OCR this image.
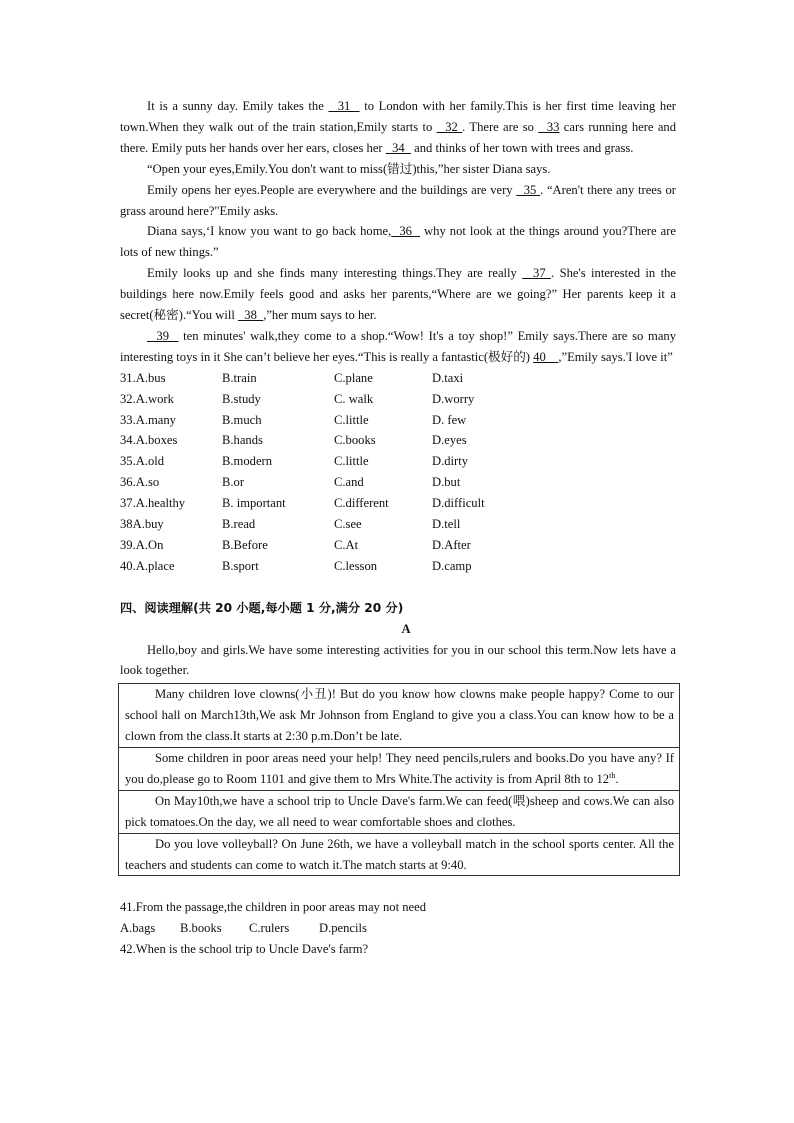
It is a sunny day. Emily takes the   31   to London with her family.This is her first time leaving her town.When they walk out of the train station,Emily starts to   32 . There are so   33 cars running here and there. Emily puts her hands over her ears, closes her   34   and thinks of her town with trees and grass.

“Open your eyes,Emily.You don't want to miss(错过)this,”her sister Diana says.

Emily opens her eyes.People are everywhere and the buildings are very   35 . “Aren't there any trees or grass around here?"Emily asks.

Diana says,‘I know you want to go back home,  36   why not look at the things around you?There are lots of new things.”

Emily looks up and she finds many interesting things.They are really   37 . She's interested in the buildings here now.Emily feels good and asks her parents,“Where are we going?” Her parents keep it a secret(秘密).“You will   38  ,”her mum says to her.

39   ten minutes' walk,they come to a shop.“Wow! It's a toy shop!” Emily says.There are so many interesting toys in it She can’t believe her eyes.“This is really a fantastic(极好的) 40    ,”Emily says.'I love it”

31.A.bus	B.train	C.plane	D.taxi
32.A.work	B.study	C. walk	D.worry
33.A.many	B.much	C.little	D. few
34.A.boxes	B.hands	C.books	D.eyes
35.A.old	B.modern	C.little	D.dirty
36.A.so	B.or	C.and	D.but
37.A.healthy	B. important	C.different	D.difficult
38A.buy	B.read	C.see	D.tell
39.A.On	B.Before	C.At	D.After
40.A.place	B.sport	C.lesson	D.camp
四、阅读理解(共 20 小题,每小题 1 分,满分 20 分)
A

Hello,boy and girls.We have some interesting activities for you in our school this term.Now lets have a look together.

Many children love clowns(小丑)! But do you know how clowns make people happy? Come to our school hall on March13th,We ask Mr Johnson from England to give you a class.You can know how to be a clown from the class.It starts at 2:30 p.m.Don’t be late.

Some children in poor areas need your help! They need pencils,rulers and books.Do you have any? If you do,please go to Room 1101 and give them to Mrs White.The activity is from April 8th to 12th.

On May10th,we have a school trip to Uncle Dave's farm.We can feed(喂)sheep and cows.We can also pick tomatoes.On the day, we all need to wear comfortable shoes and clothes.

Do you love volleyball? On June 26th, we have a volleyball match in the school sports center. All the teachers and students can come to watch it.The match starts at 9:40.

41.From the passage,the children in poor areas may not need
A.bags	B.books	C.rulers	D.pencils
42.When is the school trip to Uncle Dave's farm?
